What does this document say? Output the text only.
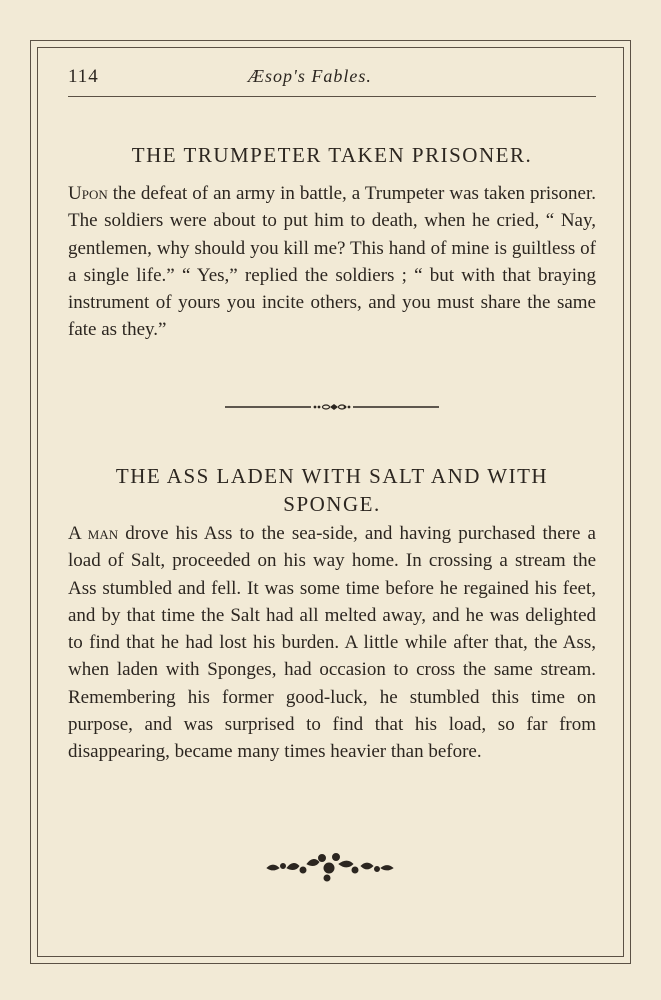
114	Æsop's Fables.
THE TRUMPETER TAKEN PRISONER.

Upon the defeat of an army in battle, a Trumpeter was taken prisoner. The soldiers were about to put him to death, when he cried, “ Nay, gentlemen, why should you kill me? This hand of mine is guiltless of a single life.” “ Yes,” replied the soldiers ; “ but with that braying instrument of yours you incite others, and you must share the same fate as they.”

THE ASS LADEN WITH SALT AND WITH SPONGE.

A man drove his Ass to the sea-side, and having purchased there a load of Salt, proceeded on his way home. In crossing a stream the Ass stumbled and fell. It was some time before he regained his feet, and by that time the Salt had all melted away, and he was delighted to find that he had lost his burden. A little while after that, the Ass, when laden with Sponges, had occasion to cross the same stream. Remembering his former good-luck, he stumbled this time on purpose, and was surprised to find that his load, so far from disappearing, became many times heavier than before.
